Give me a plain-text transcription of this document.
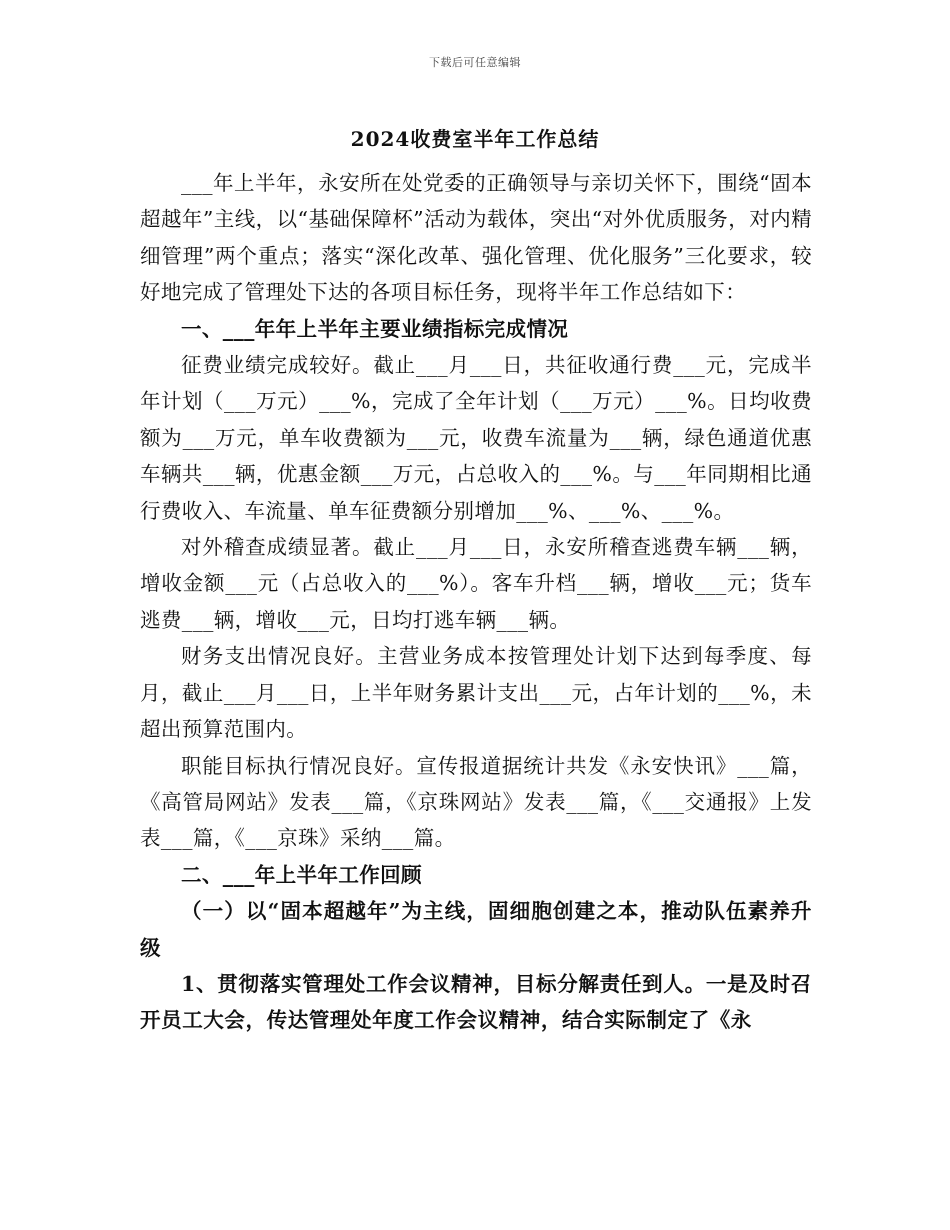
下载后可任意编辑
2024收费室半年工作总结

___年上半年，永安所在处党委的正确领导与亲切关怀下，围绕“固本超越年”主线，以“基础保障杯”活动为载体，突出“对外优质服务，对内精细管理”两个重点；落实“深化改革、强化管理、优化服务”三化要求，较好地完成了管理处下达的各项目标任务，现将半年工作总结如下：

一、___年年上半年主要业绩指标完成情况

征费业绩完成较好。截止___月___日，共征收通行费___元，完成半年计划（___万元）___%，完成了全年计划（___万元）___%。日均收费额为___万元，单车收费额为___元，收费车流量为___辆，绿色通道优惠车辆共___辆，优惠金额___万元，占总收入的___%。与___年同期相比通行费收入、车流量、单车征费额分别增加___%、___%、___%。

对外稽查成绩显著。截止___月___日，永安所稽查逃费车辆___辆，增收金额___元（占总收入的___%）。客车升档___辆，增收___元；货车逃费___辆，增收___元，日均打逃车辆___辆。

财务支出情况良好。主营业务成本按管理处计划下达到每季度、每月，截止___月___日，上半年财务累计支出___元，占年计划的___%，未超出预算范围内。

职能目标执行情况良好。宣传报道据统计共发《永安快讯》___篇，《高管局网站》发表___篇，《京珠网站》发表___篇，《___交通报》上发表___篇，《___京珠》采纳___篇。

二、___年上半年工作回顾

（一）以“固本超越年”为主线，固细胞创建之本，推动队伍素养升级

1、贯彻落实管理处工作会议精神，目标分解责任到人。一是及时召开员工大会，传达管理处年度工作会议精神，结合实际制定了《永
